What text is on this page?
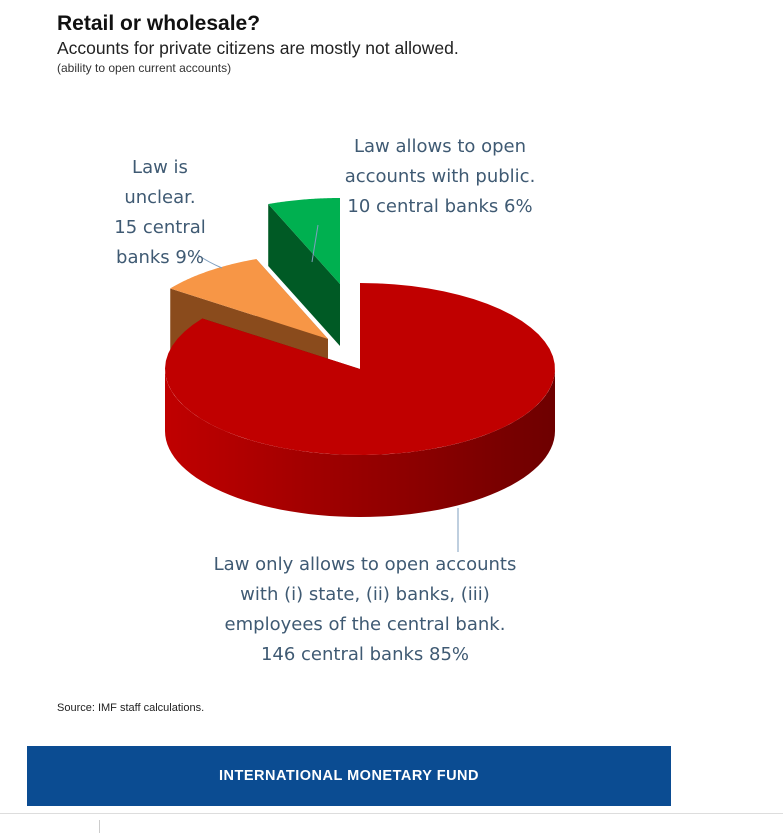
Retail or wholesale?
Accounts for private citizens are mostly not allowed.
(ability to open current accounts)
Law is
unclear.
15 central
banks 9%
Law allows to open
accounts with public.
10 central banks 6%
Law only allows to open accounts
with (i) state, (ii) banks, (iii)
employees of the central bank.
146 central banks 85%
Source: IMF staff calculations.
INTERNATIONAL MONETARY FUND
